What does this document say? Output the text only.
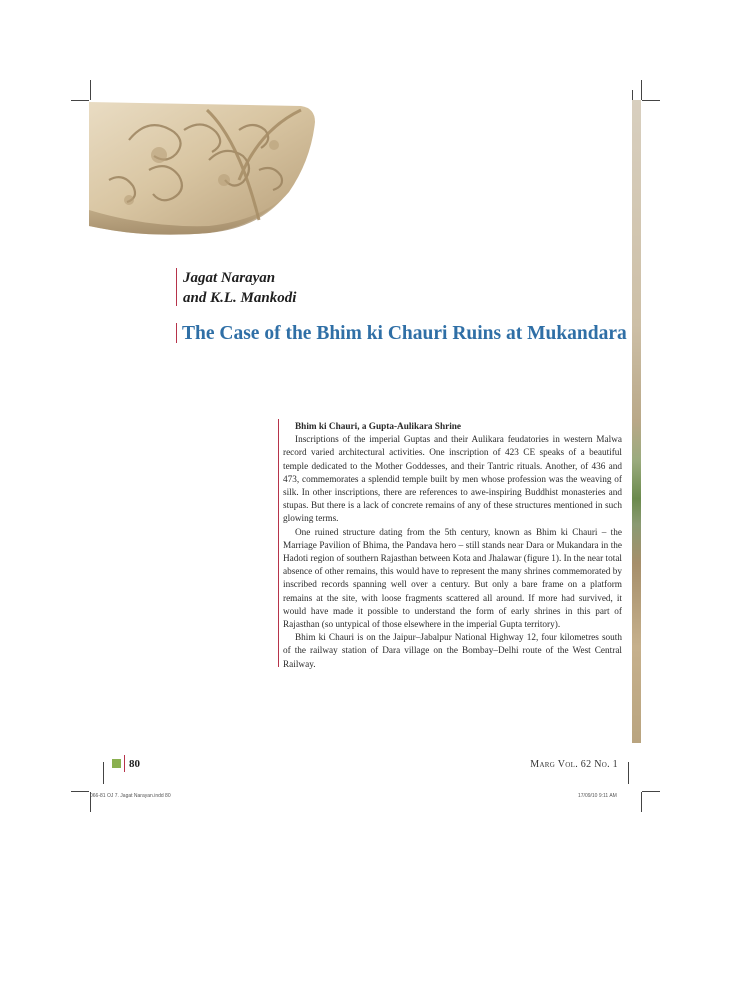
Jagat Narayan
and K.L. Mankodi
The Case of the Bhim ki Chauri Ruins at Mukandara

Bhim ki Chauri, a Gupta-Aulikara Shrine

Inscriptions of the imperial Guptas and their Aulikara feudatories in western Malwa record varied architectural activities. One inscription of 423 CE speaks of a beautiful temple dedicated to the Mother Goddesses, and their Tantric rituals. Another, of 436 and 473, commemorates a splendid temple built by men whose profession was the weaving of silk. In other inscriptions, there are references to awe-inspiring Buddhist monasteries and stupas. But there is a lack of concrete remains of any of these structures mentioned in such glowing terms.

One ruined structure dating from the 5th century, known as Bhim ki Chauri – the Marriage Pavilion of Bhima, the Pandava hero – still stands near Dara or Mukandara in the Hadoti region of southern Rajasthan between Kota and Jhalawar (figure 1). In the near total absence of other remains, this would have to represent the many shrines commemorated by inscribed records spanning well over a century. But only a bare frame on a platform remains at the site, with loose fragments scattered all around. If more had survived, it would have made it possible to understand the form of early shrines in this part of Rajasthan (so untypical of those elsewhere in the imperial Gupta territory).

Bhim ki Chauri is on the Jaipur–Jabalpur National Highway 12, four kilometres south of the railway station of Dara village on the Bombay–Delhi route of the West Central Railway.

80	Marg Vol. 62 No. 1
066-81 OJ 7. Jagat Narayan.indd 80	17/09/10 9:11 AM
